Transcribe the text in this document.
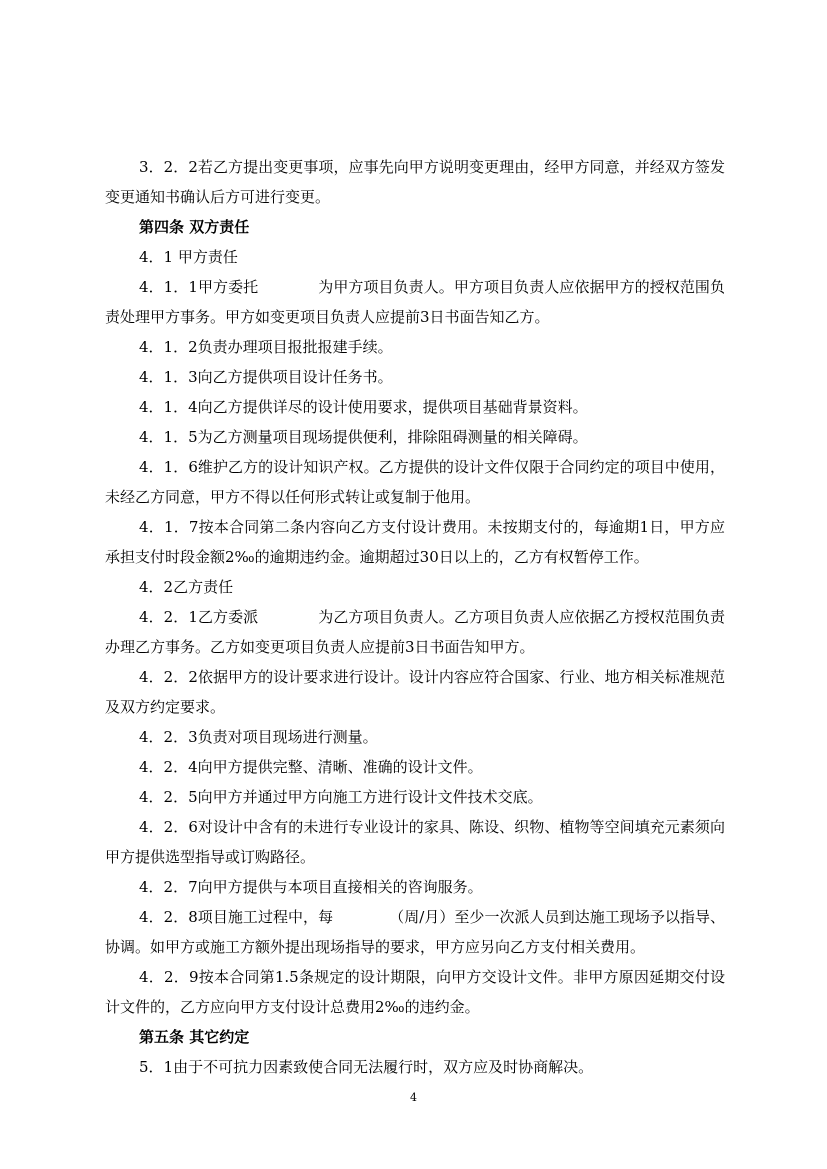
3．2．2若乙方提出变更事项，应事先向甲方说明变更理由，经甲方同意，并经双方签发变更通知书确认后方可进行变更。

第四条 双方责任

4．1 甲方责任

4．1．1甲方委托	为甲方项目负责人。甲方项目负责人应依据甲方的授权范围负责处理甲方事务。甲方如变更项目负责人应提前3日书面告知乙方。

4．1．2负责办理项目报批报建手续。

4．1．3向乙方提供项目设计任务书。

4．1．4向乙方提供详尽的设计使用要求，提供项目基础背景资料。

4．1．5为乙方测量项目现场提供便利，排除阻碍测量的相关障碍。

4．1．6维护乙方的设计知识产权。乙方提供的设计文件仅限于合同约定的项目中使用，未经乙方同意，甲方不得以任何形式转让或复制于他用。

4．1．7按本合同第二条内容向乙方支付设计费用。未按期支付的，每逾期1日，甲方应承担支付时段金额2‰的逾期违约金。逾期超过30日以上的，乙方有权暂停工作。

4．2乙方责任

4．2．1乙方委派	为乙方项目负责人。乙方项目负责人应依据乙方授权范围负责办理乙方事务。乙方如变更项目负责人应提前3日书面告知甲方。

4．2．2依据甲方的设计要求进行设计。设计内容应符合国家、行业、地方相关标准规范及双方约定要求。

4．2．3负责对项目现场进行测量。

4．2．4向甲方提供完整、清晰、准确的设计文件。

4．2．5向甲方并通过甲方向施工方进行设计文件技术交底。

4．2．6对设计中含有的未进行专业设计的家具、陈设、织物、植物等空间填充元素须向甲方提供选型指导或订购路径。

4．2．7向甲方提供与本项目直接相关的咨询服务。

4．2．8项目施工过程中，每	（周/月）至少一次派人员到达施工现场予以指导、协调。如甲方或施工方额外提出现场指导的要求，甲方应另向乙方支付相关费用。

4．2．9按本合同第1.5条规定的设计期限，向甲方交设计文件。非甲方原因延期交付设计文件的，乙方应向甲方支付设计总费用2‰的违约金。

第五条 其它约定

5．1由于不可抗力因素致使合同无法履行时，双方应及时协商解决。

4
